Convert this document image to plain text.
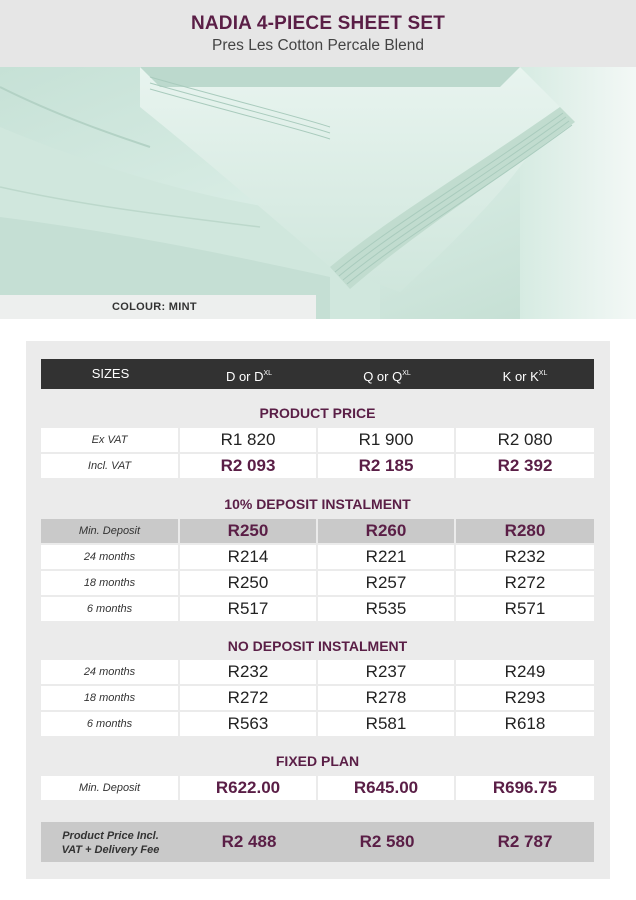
NADIA 4-PIECE SHEET SET
Pres Les Cotton Percale Blend
COLOUR: MINT
SIZES	D or $D^{XL}$	Q or $Q^{XL}$	K or $K^{XL}$
PRODUCT PRICE
Ex VAT	R1 820	R1 900	R2 080
Incl. VAT	R2 093	R2 185	R2 392
10% DEPOSIT INSTALMENT
Min. Deposit	R250	R260	R280
24 months	R214	R221	R232
18 months	R250	R257	R272
6 months	R517	R535	R571
NO DEPOSIT INSTALMENT
24 months	R232	R237	R249
18 months	R272	R278	R293
6 months	R563	R581	R618
FIXED PLAN
Min. Deposit	R622.00	R645.00	R696.75
Product Price Incl.
VAT + Delivery Fee	R2 488	R2 580	R2 787
